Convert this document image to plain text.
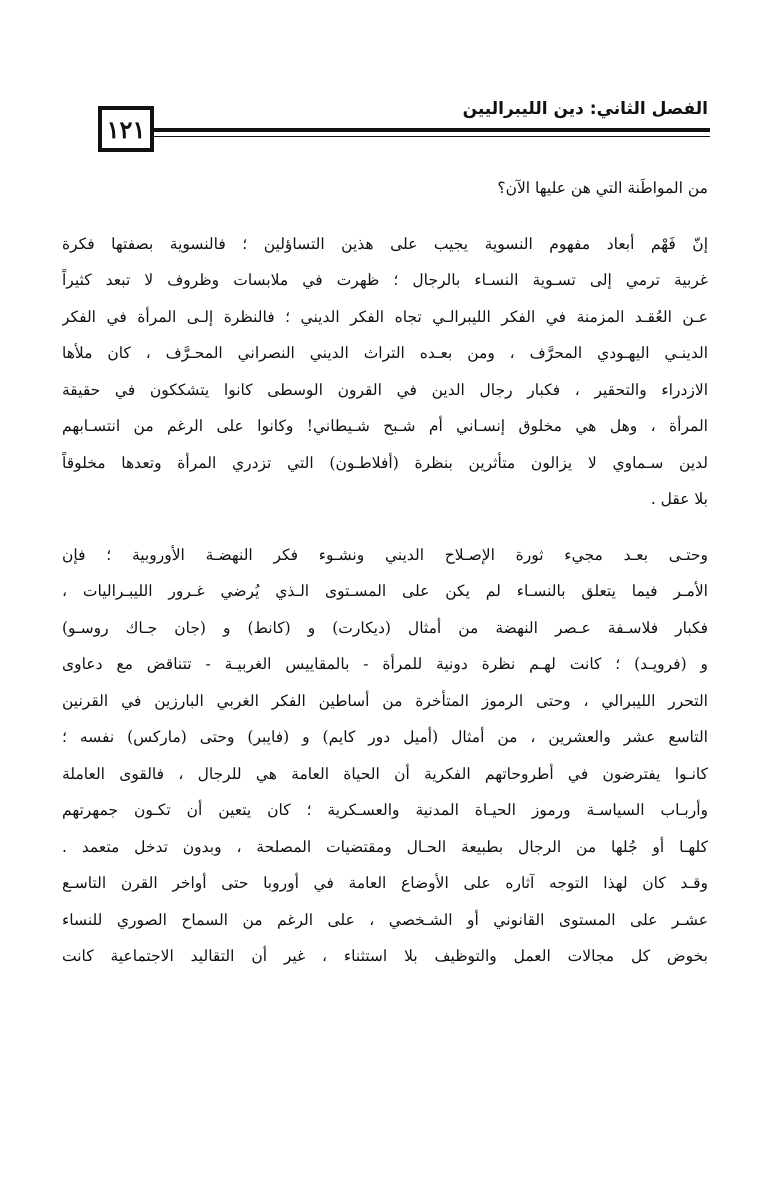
١٢١
الفصل الثاني: دين الليبراليين
من المواطَنة التي هن عليها الآن؟
إنّ فَهْم أبعاد مفهوم النسوية يجيب على هذين التساؤلين ؛ فالنسوية بصفتها فكرة
غربية ترمي إلى تسـوية النسـاء بالرجال ؛ ظهرت في ملابسات وظروف لا تبعد كثيراً
عـن العُقـد المزمنة في الفكر الليبرالـي تجاه الفكر الديني ؛ فالنظرة إلـى المرأة في الفكر
الدينـي اليهـودي المحرَّف ، ومن بعـده التراث الديني النصراني المحـرَّف ، كان ملأها
الازدراء والتحقير ، فكبار رجال الدين في القرون الوسطى كانوا يتشككون في حقيقة
المرأة ، وهل هي مخلوق إنسـاني أم شـبح شـيطاني! وكانوا على الرغم من انتسـابهم
لدين سـماوي لا يزالون متأثرين بنظرة (أفلاطـون) التي تزدري المرأة وتعدها مخلوقاً
بلا عقل .
وحتـى بعـد مجيء ثورة الإصـلاح الديني ونشـوء فكر النهضـة الأوروبية ؛ فإن
الأمـر فيما يتعلق بالنسـاء لم يكن على المسـتوى الـذي يُرضي غـرور الليبـراليات ،
فكبار فلاسـفة عـصر النهضة من أمثال (ديكارت) و (كانط) و (جان جـاك روسـو)
و (فرويـد) ؛ كانت لهـم نظرة دونية للمرأة - بالمقاييس الغربيـة - تتناقض مع دعاوى
التحرر الليبرالي ، وحتى الرموز المتأخرة من أساطين الفكر الغربي البارزين في القرنين
التاسع عشر والعشرين ، من أمثال (أميل دور كايم) و (فايبر) وحتى (ماركس) نفسه ؛
كانـوا يفترضون في أطروحاتهم الفكرية أن الحياة العامة هي للرجال ، فالقوى العاملة
وأربـاب السياسـة ورموز الحيـاة المدنية والعسـكرية ؛ كان يتعين أن تكـون جمهرتهم
كلهـا أو جُلها من الرجال بطبيعة الحـال ومقتضيات المصلحة ، وبدون تدخل متعمد .
وقـد كان لهذا التوجه آثاره على الأوضاع العامة في أوروبا حتى أواخر القرن التاسـع
عشـر على المستوى القانوني أو الشـخصي ، على الرغم من السماح الصوري للنساء
بخوض كل مجالات العمل والتوظيف بلا استثناء ، غير أن التقاليد الاجتماعية كانت
